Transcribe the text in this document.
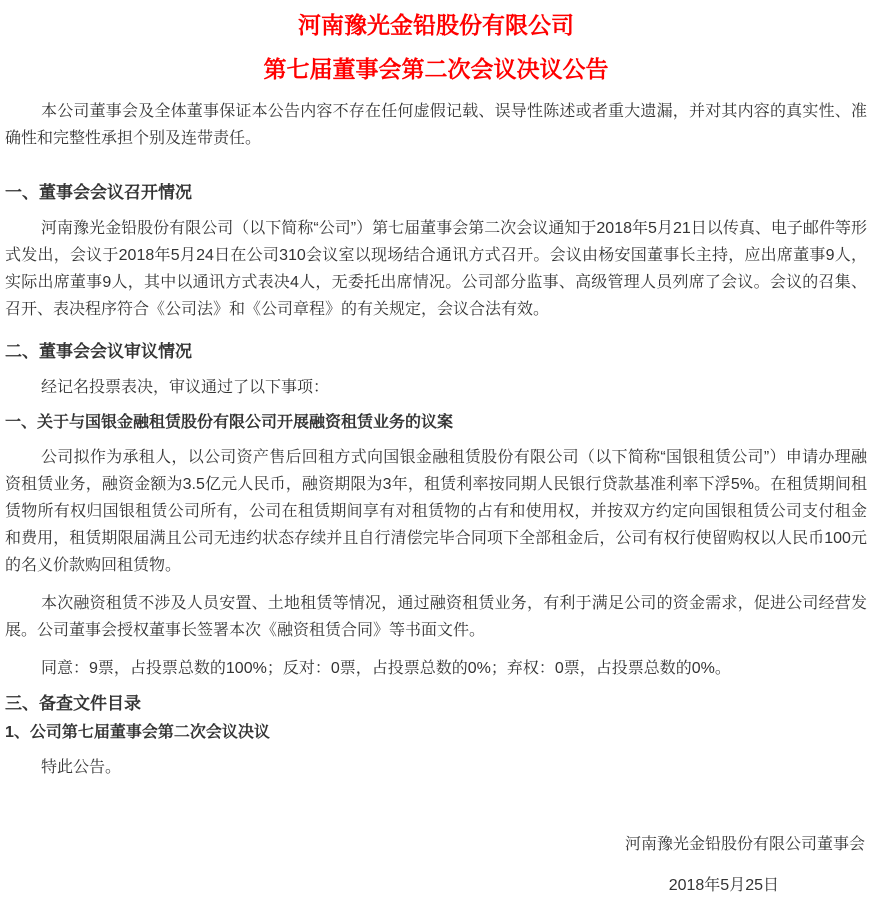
河南豫光金铅股份有限公司
第七届董事会第二次会议决议公告

本公司董事会及全体董事保证本公告内容不存在任何虚假记载、误导性陈述或者重大遗漏，并对其内容的真实性、准确性和完整性承担个别及连带责任。

一、董事会会议召开情况

河南豫光金铅股份有限公司（以下简称“公司”）第七届董事会第二次会议通知于2018年5月21日以传真、电子邮件等形式发出，会议于2018年5月24日在公司310会议室以现场结合通讯方式召开。会议由杨安国董事长主持，应出席董事9人，实际出席董事9人，其中以通讯方式表决4人，无委托出席情况。公司部分监事、高级管理人员列席了会议。会议的召集、召开、表决程序符合《公司法》和《公司章程》的有关规定，会议合法有效。

二、董事会会议审议情况

经记名投票表决，审议通过了以下事项：

一、关于与国银金融租赁股份有限公司开展融资租赁业务的议案

公司拟作为承租人，以公司资产售后回租方式向国银金融租赁股份有限公司（以下简称“国银租赁公司”）申请办理融资租赁业务，融资金额为3.5亿元人民币，融资期限为3年，租赁利率按同期人民银行贷款基准利率下浮5%。在租赁期间租赁物所有权归国银租赁公司所有，公司在租赁期间享有对租赁物的占有和使用权，并按双方约定向国银租赁公司支付租金和费用，租赁期限届满且公司无违约状态存续并且自行清偿完毕合同项下全部租金后，公司有权行使留购权以人民币100元的名义价款购回租赁物。

本次融资租赁不涉及人员安置、土地租赁等情况，通过融资租赁业务，有利于满足公司的资金需求，促进公司经营发展。公司董事会授权董事长签署本次《融资租赁合同》等书面文件。

同意：9票，占投票总数的100%；反对：0票，占投票总数的0%；弃权：0票，占投票总数的0%。

三、备查文件目录
1、公司第七届董事会第二次会议决议

特此公告。

河南豫光金铅股份有限公司董事会

2018年5月25日
